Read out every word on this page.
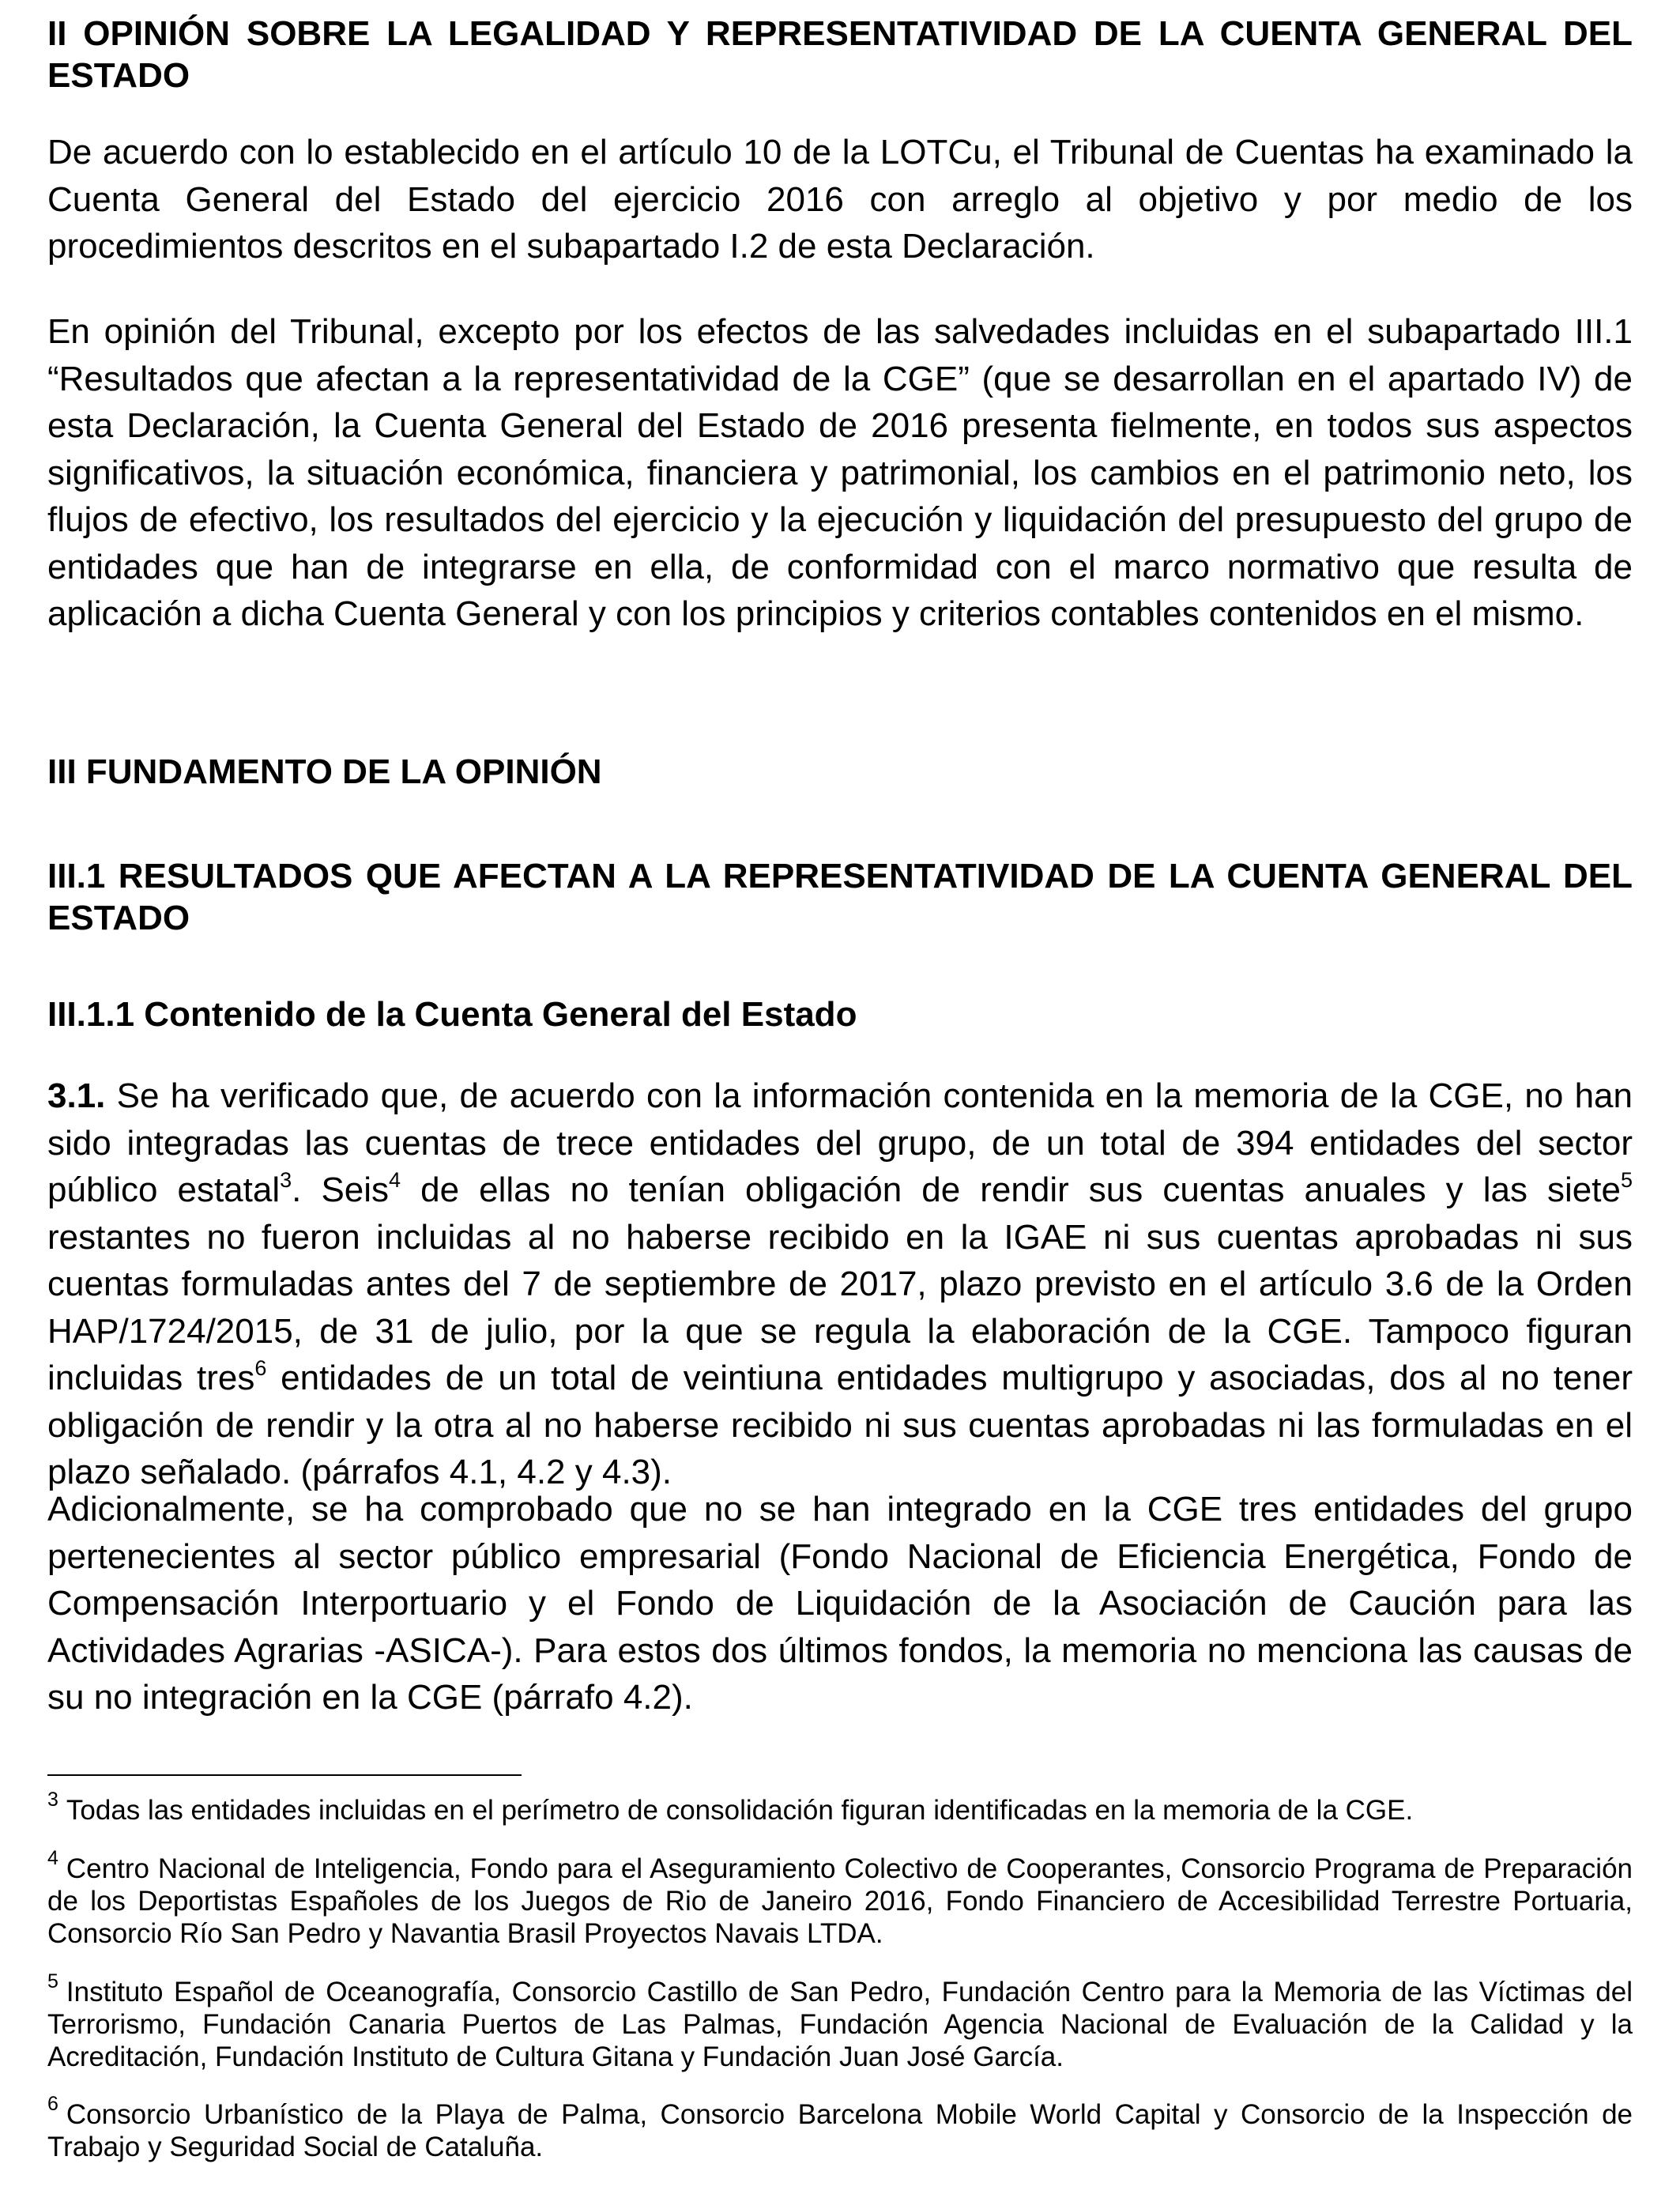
II OPINIÓN SOBRE LA LEGALIDAD Y REPRESENTATIVIDAD DE LA CUENTA GENERAL DEL ESTADO

De acuerdo con lo establecido en el artículo 10 de la LOTCu, el Tribunal de Cuentas ha examinado la Cuenta General del Estado del ejercicio 2016 con arreglo al objetivo y por medio de los procedimientos descritos en el subapartado I.2 de esta Declaración.

En opinión del Tribunal, excepto por los efectos de las salvedades incluidas en el subapartado III.1 “Resultados que afectan a la representatividad de la CGE” (que se desarrollan en el apartado IV) de esta Declaración, la Cuenta General del Estado de 2016 presenta fielmente, en todos sus aspectos significativos, la situación económica, financiera y patrimonial, los cambios en el patrimonio neto, los flujos de efectivo, los resultados del ejercicio y la ejecución y liquidación del presupuesto del grupo de entidades que han de integrarse en ella, de conformidad con el marco normativo que resulta de aplicación a dicha Cuenta General y con los principios y criterios contables contenidos en el mismo.

III FUNDAMENTO DE LA OPINIÓN
III.1 RESULTADOS QUE AFECTAN A LA REPRESENTATIVIDAD DE LA CUENTA GENERAL DEL ESTADO
III.1.1 Contenido de la Cuenta General del Estado

3.1. Se ha verificado que, de acuerdo con la información contenida en la memoria de la CGE, no han sido integradas las cuentas de trece entidades del grupo, de un total de 394 entidades del sector público estatal$^3$. Seis$^4$ de ellas no tenían obligación de rendir sus cuentas anuales y las siete$^5$ restantes no fueron incluidas al no haberse recibido en la IGAE ni sus cuentas aprobadas ni sus cuentas formuladas antes del 7 de septiembre de 2017, plazo previsto en el artículo 3.6 de la Orden HAP/1724/2015, de 31 de julio, por la que se regula la elaboración de la CGE. Tampoco figuran incluidas tres$^6$ entidades de un total de veintiuna entidades multigrupo y asociadas, dos al no tener obligación de rendir y la otra al no haberse recibido ni sus cuentas aprobadas ni las formuladas en el plazo señalado. (párrafos 4.1, 4.2 y 4.3).

Adicionalmente, se ha comprobado que no se han integrado en la CGE tres entidades del grupo pertenecientes al sector público empresarial (Fondo Nacional de Eficiencia Energética, Fondo de Compensación Interportuario y el Fondo de Liquidación de la Asociación de Caución para las Actividades Agrarias -ASICA-). Para estos dos últimos fondos, la memoria no menciona las causas de su no integración en la CGE (párrafo 4.2).

$^3$ Todas las entidades incluidas en el perímetro de consolidación figuran identificadas en la memoria de la CGE.
$^4$ Centro Nacional de Inteligencia, Fondo para el Aseguramiento Colectivo de Cooperantes, Consorcio Programa de Preparación de los Deportistas Españoles de los Juegos de Rio de Janeiro 2016, Fondo Financiero de Accesibilidad Terrestre Portuaria, Consorcio Río San Pedro y Navantia Brasil Proyectos Navais LTDA.
$^5$ Instituto Español de Oceanografía, Consorcio Castillo de San Pedro, Fundación Centro para la Memoria de las Víctimas del Terrorismo, Fundación Canaria Puertos de Las Palmas, Fundación Agencia Nacional de Evaluación de la Calidad y la Acreditación, Fundación Instituto de Cultura Gitana y Fundación Juan José García.
$^6$ Consorcio Urbanístico de la Playa de Palma, Consorcio Barcelona Mobile World Capital y Consorcio de la Inspección de Trabajo y Seguridad Social de Cataluña.
